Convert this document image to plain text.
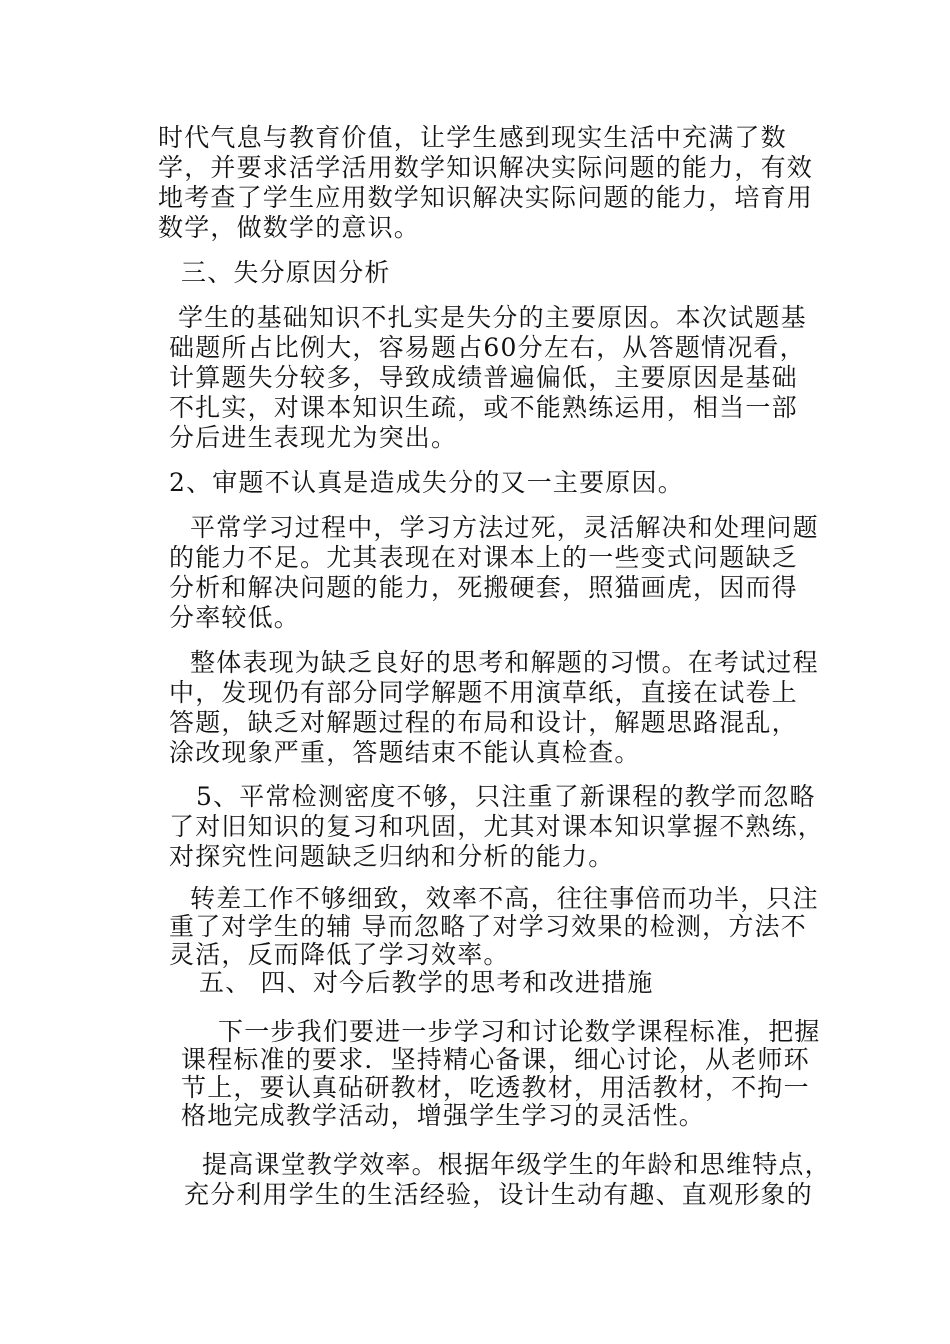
时代气息与教育价值，让学生感到现实生活中充满了数
学，并要求活学活用数学知识解决实际问题的能力，有效
地考查了学生应用数学知识解决实际问题的能力，培育用
数学，做数学的意识。
三、失分原因分析
学生的基础知识不扎实是失分的主要原因。本次试题基
础题所占比例大，容易题占60分左右，从答题情况看，
计算题失分较多，导致成绩普遍偏低，主要原因是基础
不扎实，对课本知识生疏，或不能熟练运用，相当一部
分后进生表现尤为突出。
2、审题不认真是造成失分的又一主要原因。
平常学习过程中，学习方法过死，灵活解决和处理问题
的能力不足。尤其表现在对课本上的一些变式问题缺乏
分析和解决问题的能力，死搬硬套，照猫画虎，因而得
分率较低。
整体表现为缺乏良好的思考和解题的习惯。在考试过程
中，发现仍有部分同学解题不用演草纸，直接在试卷上
答题，缺乏对解题过程的布局和设计，解题思路混乱，
涂改现象严重，答题结束不能认真检查。
5、平常检测密度不够，只注重了新课程的教学而忽略
了对旧知识的复习和巩固，尤其对课本知识掌握不熟练，
对探究性问题缺乏归纳和分析的能力。
转差工作不够细致，效率不高，往往事倍而功半，只注
重了对学生的辅 导而忽略了对学习效果的检测，方法不
灵活，反而降低了学习效率。
五、 四、对今后教学的思考和改进措施
下一步我们要进一步学习和讨论数学课程标准，把握
课程标准的要求．坚持精心备课，细心讨论，从老师环
节上，要认真砧研教材，吃透教材，用活教材，不拘一
格地完成教学活动，增强学生学习的灵活性。
提高课堂教学效率。根据年级学生的年龄和思维特点，
充分利用学生的生活经验，设计生动有趣、直观形象的
